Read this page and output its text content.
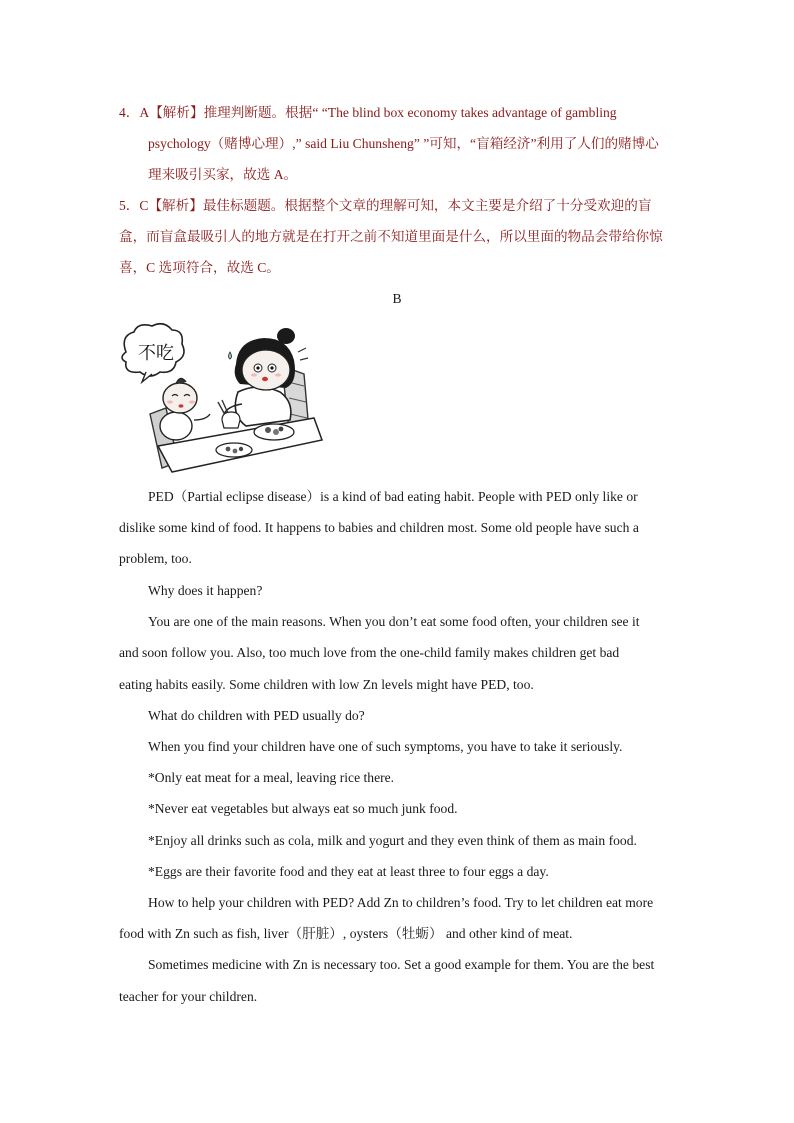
4．A【解析】推理判断题。根据“ “The blind box economy takes advantage of gambling
psychology（赌博心理）,” said Liu Chunsheng” ”可知，“盲箱经济”利用了人们的赌博心
理来吸引买家，故选 A。
5．C【解析】最佳标题题。根据整个文章的理解可知，本文主要是介绍了十分受欢迎的盲
盒，而盲盒最吸引人的地方就是在打开之前不知道里面是什么，所以里面的物品会带给你惊
喜，C 选项符合，故选 C。
B
不吃
PED（Partial eclipse disease）is a kind of bad eating habit. People with PED only like or
dislike some kind of food. It happens to babies and children most. Some old people have such a
problem, too.
Why does it happen?
You are one of the main reasons. When you don’t eat some food often, your children see it
and soon follow you. Also, too much love from the one-child family makes children get bad
eating habits easily. Some children with low Zn levels might have PED, too.
What do children with PED usually do?
When you find your children have one of such symptoms, you have to take it seriously.
*Only eat meat for a meal, leaving rice there.
*Never eat vegetables but always eat so much junk food.
*Enjoy all drinks such as cola, milk and yogurt and they even think of them as main food.
*Eggs are their favorite food and they eat at least three to four eggs a day.
How to help your children with PED? Add Zn to children’s food. Try to let children eat more
food with Zn such as fish, liver（肝脏）, oysters（牡蛎） and other kind of meat.
Sometimes medicine with Zn is necessary too. Set a good example for them. You are the best
teacher for your children.
